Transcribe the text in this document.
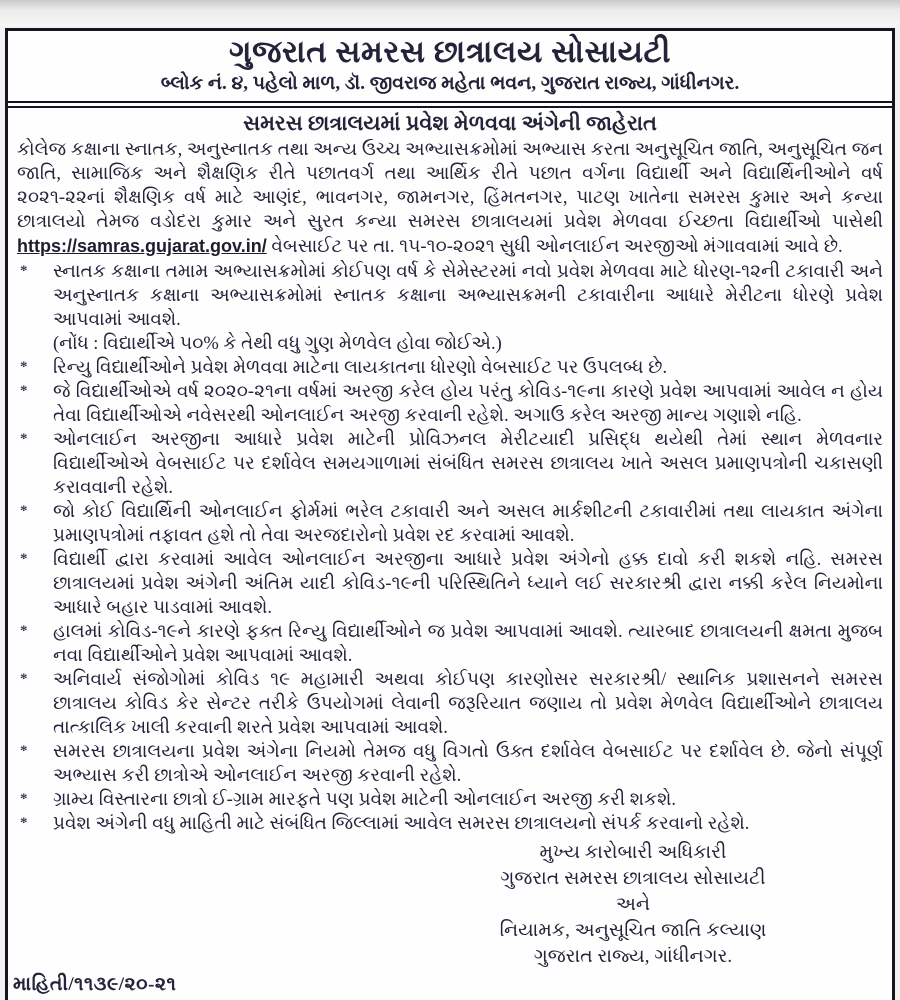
ગુજરાત સમરસ છાત્રાલય સોસાયટી
બ્લોક નં. ૪, પહેલો માળ, ડૉ. જીવરાજ મહેતા ભવન, ગુજરાત રાજ્ય, ગાંધીનગર.
સમરસ છાત્રાલયમાં પ્રવેશ મેળવવા અંગેની જાહેરાત

કોલેજ કક્ષાના સ્નાતક, અનુસ્નાતક તથા અન્ય ઉચ્ચ અભ્યાસક્રમોમાં અભ્યાસ કરતા અનુસૂચિત જાતિ, અનુસૂચિત જન જાતિ, સામાજિક અને શૈક્ષણિક રીતે પછાતવર્ગ તથા આર્થિક રીતે પછાત વર્ગના વિદ્યાર્થી અને વિદ્યાર્થિનીઓને વર્ષ ૨૦૨૧-૨૨નાં શૈક્ષણિક વર્ષ માટે આણંદ, ભાવનગર, જામનગર, હિંમતનગર, પાટણ ખાતેના સમરસ કુમાર અને કન્યા છાત્રાલયો તેમજ વડોદરા કુમાર અને સુરત કન્યા સમરસ છાત્રાલયમાં પ્રવેશ મેળવવા ઈચ્છતા વિદ્યાર્થીઓ પાસેથી https://samras.gujarat.gov.in/ વેબસાઈટ પર તા. ૧૫-૧૦-૨૦૨૧ સુધી ઓનલાઈન અરજીઓ મંગાવવામાં આવે છે.

* સ્નાતક કક્ષાના તમામ અભ્યાસક્રમોમાં કોઈપણ વર્ષ કે સેમેસ્ટરમાં નવો પ્રવેશ મેળવવા માટે ધોરણ-૧૨ની ટકાવારી અને અનુસ્નાતક કક્ષાના અભ્યાસક્રમોમાં સ્નાતક કક્ષાના અભ્યાસક્રમની ટકાવારીના આધારે મેરીટના ધોરણે પ્રવેશ આપવામાં આવશે.
(નોંધ : વિદ્યાર્થીએ ૫૦% કે તેથી વધુ ગુણ મેળવેલ હોવા જોઈએ.)
* રિન્યુ વિદ્યાર્થીઓને પ્રવેશ મેળવવા માટેના લાયકાતના ધોરણો વેબસાઈટ પર ઉપલબ્ધ છે.
* જે વિદ્યાર્થીઓએ વર્ષ ૨૦૨૦-૨૧ના વર્ષમાં અરજી કરેલ હોય પરંતુ કોવિડ-૧૯ના કારણે પ્રવેશ આપવામાં આવેલ ન હોય તેવા વિદ્યાર્થીઓએ નવેસરથી ઓનલાઈન અરજી કરવાની રહેશે. અગાઉ કરેલ અરજી માન્ય ગણાશે નહિ.
* ઓનલાઈન અરજીના આધારે પ્રવેશ માટેની પ્રોવિઝનલ મેરીટયાદી પ્રસિદ્ધ થયેથી તેમાં સ્થાન મેળવનાર વિદ્યાર્થીઓએ વેબસાઈટ પર દર્શાવેલ સમયગાળામાં સંબંધિત સમરસ છાત્રાલય ખાતે અસલ પ્રમાણપત્રોની ચકાસણી કરાવવાની રહેશે.
* જો કોઈ વિદ્યાર્થિની ઓનલાઈન ફોર્મમાં ભરેલ ટકાવારી અને અસલ માર્કશીટની ટકાવારીમાં તથા લાયકાત અંગેના પ્રમાણપત્રોમાં તફાવત હશે તો તેવા અરજદારોનો પ્રવેશ રદ કરવામાં આવશે.
* વિદ્યાર્થી દ્વારા કરવામાં આવેલ ઓનલાઈન અરજીના આધારે પ્રવેશ અંગેનો હક્ક દાવો કરી શકશે નહિ. સમરસ છાત્રાલયમાં પ્રવેશ અંગેની અંતિમ યાદી કોવિડ-૧૯ની પરિસ્થિતિને ધ્યાને લઈ સરકારશ્રી દ્વારા નક્કી કરેલ નિયમોના આધારે બહાર પાડવામાં આવશે.
* હાલમાં કોવિડ-૧૯ને કારણે ફક્ત રિન્યુ વિદ્યાર્થીઓને જ પ્રવેશ આપવામાં આવશે. ત્યારબાદ છાત્રાલયની ક્ષમતા મુજબ નવા વિદ્યાર્થીઓને પ્રવેશ આપવામાં આવશે.
* અનિવાર્ય સંજોગોમાં કોવિડ ૧૯ મહામારી અથવા કોઈપણ કારણોસર સરકારશ્રી/ સ્થાનિક પ્રશાસનને સમરસ છાત્રાલય કોવિડ કેર સેન્ટર તરીકે ઉપયોગમાં લેવાની જરૂરિયાત જણાય તો પ્રવેશ મેળવેલ વિદ્યાર્થીઓને છાત્રાલય તાત્કાલિક ખાલી કરવાની શરતે પ્રવેશ આપવામાં આવશે.
* સમરસ છાત્રાલયના પ્રવેશ અંગેના નિયમો તેમજ વધુ વિગતો ઉક્ત દર્શાવેલ વેબસાઈટ પર દર્શાવેલ છે. જેનો સંપૂર્ણ અભ્યાસ કરી છાત્રોએ ઓનલાઈન અરજી કરવાની રહેશે.
* ગ્રામ્ય વિસ્તારના છાત્રો ઈ-ગ્રામ મારફતે પણ પ્રવેશ માટેની ઓનલાઈન અરજી કરી શકશે.
* પ્રવેશ અંગેની વધુ માહિતી માટે સંબંધિત જિલ્લામાં આવેલ સમરસ છાત્રાલયનો સંપર્ક કરવાનો રહેશે.
મુખ્ય કારોબારી અધિકારી
ગુજરાત સમરસ છાત્રાલય સોસાયટી
અને
નિયામક, અનુસૂચિત જાતિ કલ્યાણ
ગુજરાત રાજ્ય, ગાંધીનગર.
માહિતી/૧૧૩૯/૨૦-૨૧
